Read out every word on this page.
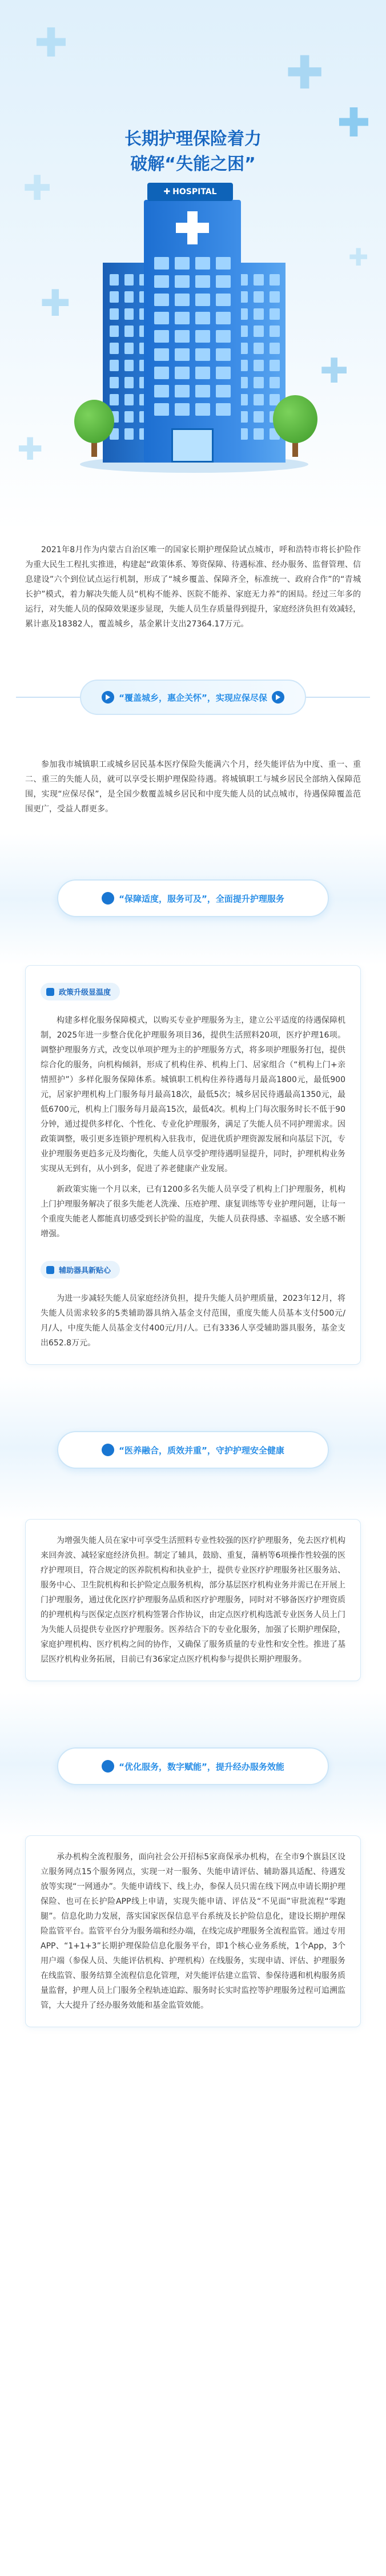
✚
✚
✚
✚
✚
✚
✚
✚
长期护理保险着力
破解“失能之困”
✚ HOSPITAL

2021年8月作为内蒙古自治区唯一的国家长期护理保险试点城市，呼和浩特市将长护险作为重大民生工程扎实推进，构建起“政策体系、筹资保障、待遇标准、经办服务、监督管理、信息建设”六个到位试点运行机制，形成了“城乡覆盖、保障齐全，标准统一、政府合作”的“青城长护”模式，着力解决失能人员“机构不能养、医院不能养、家庭无力养”的困局。经过三年多的运行，对失能人员的保障效果逐步显现，失能人员生存质量得到提升，家庭经济负担有效减轻，累计惠及18382人，覆盖城乡，基金累计支出27364.17万元。

“覆盖城乡，惠企关怀”，实现应保尽保

参加我市城镇职工或城乡居民基本医疗保险失能满六个月，经失能评估为中度、重一、重二、重三的失能人员，就可以享受长期护理保险待遇。将城镇职工与城乡居民全部纳入保障范围，实现“应保尽保”，是全国少数覆盖城乡居民和中度失能人员的试点城市，待遇保障覆盖范围更广，受益人群更多。

“保障适度，服务可及”，全面提升护理服务
政策升级显温度

构建多样化服务保障模式，以购买专业护理服务为主，建立公平适度的待遇保障机制，2025年进一步整合优化护理服务项目36，提供生活照料20项，医疗护理16项。调整护理服务方式，改变以单项护理为主的护理服务方式，将多项护理服务打包，提供综合化的服务，向机构倾斜，形成了机构住养、机构上门、居家组合（“机构上门+亲情照护”）多样化服务保障体系。城镇职工机构住养待遇每月最高1800元，最低900元，居家护理机构上门服务每月最高18次，最低5次；城乡居民待遇最高1350元，最低6700元，机构上门服务每月最高15次，最低4次。机构上门每次服务时长不低于90分钟，通过提供多样化、个性化、专业化护理服务，满足了失能人员不同护理需求。因政策调整，吸引更多连锁护理机构入驻我市，促进优质护理资源发展和向基层下沉，专业护理服务更趋多元及均衡化，失能人员享受护理待遇明显提升，同时，护理机构业务实现从无到有，从小到多，促进了养老健康产业发展。

新政策实施一个月以来，已有1200多名失能人员享受了机构上门护理服务，机构上门护理服务解决了很多失能老人洗澡、压疮护理、康复训练等专业护理问题，让每一个重度失能老人都能真切感受到长护险的温度，失能人员获得感、幸福感、安全感不断增强。

辅助器具新贴心

为进一步减轻失能人员家庭经济负担，提升失能人员护理质量，2023年12月，将失能人员需求较多的5类辅助器具纳入基金支付范围，重度失能人员基本支付500元/月/人，中度失能人员基金支付400元/月/人。已有3336人享受辅助器具服务，基金支出652.8万元。

“医养融合，质效并重”，守护护理安全健康

为增强失能人员在家中可享受生活照料专业性较强的医疗护理服务，免去医疗机构来回奔波、减轻家庭经济负担。制定了辅具，鼓励、重复，蒲柄等6项操作性较强的医疗护理项目，符合规定的医养院机构和执业护士，提供专业医疗护理服务社区服务站、服务中心、卫生院机构和长护险定点服务机构，部分基层医疗机构业务并需已在开展上门护理服务，通过优化医疗护理服务品质和医疗护理服务，同时对不够备医疗护理资质的护理机构与医保定点医疗机构签署合作协议，由定点医疗机构选派专业医务人员上门为失能人员提供专业医疗护理服务。医养结合下的专业化服务，加强了长期护理保险，家庭护理机构、医疗机构之间的协作，又确保了服务质量的专业性和安全性。推进了基层医疗机构业务拓展，目前已有36家定点医疗机构参与提供长期护理服务。

“优化服务，数字赋能”，提升经办服务效能

承办机构全流程服务，面向社会公开招标5家商保承办机构，在全市9个旗县区设立服务网点15个服务网点，实现一对一服务、失能申请评估、辅助器具适配、待遇发放等实现“一网通办”。失能申请线下、线上办，参保人员只需在线下网点申请长期护理保险、也可在长护险APP线上申请，实现失能申请、评估及“不见面”审批流程“零跑腿”。信息化助力发展，落实国家医保信息平台系统及长护险信息化，建设长期护理保险监管平台。监管平台分为服务端和经办端，在线完成护理服务全流程监管。通过专用APP、“1+1+3”长期护理保险信息化服务平台，即1个核心业务系统，1个App，3个用户端（参保人员、失能评估机构、护理机构）在线服务，实现申请、评估、护理服务在线监管、服务结算全流程信息化管理，对失能评估建立监管、参保待遇和机构服务质量监督，护理人员上门服务全程轨迹追踪、服务时长实时监控等护理服务过程可追溯监管，大大提升了经办服务效能和基金监管效能。
